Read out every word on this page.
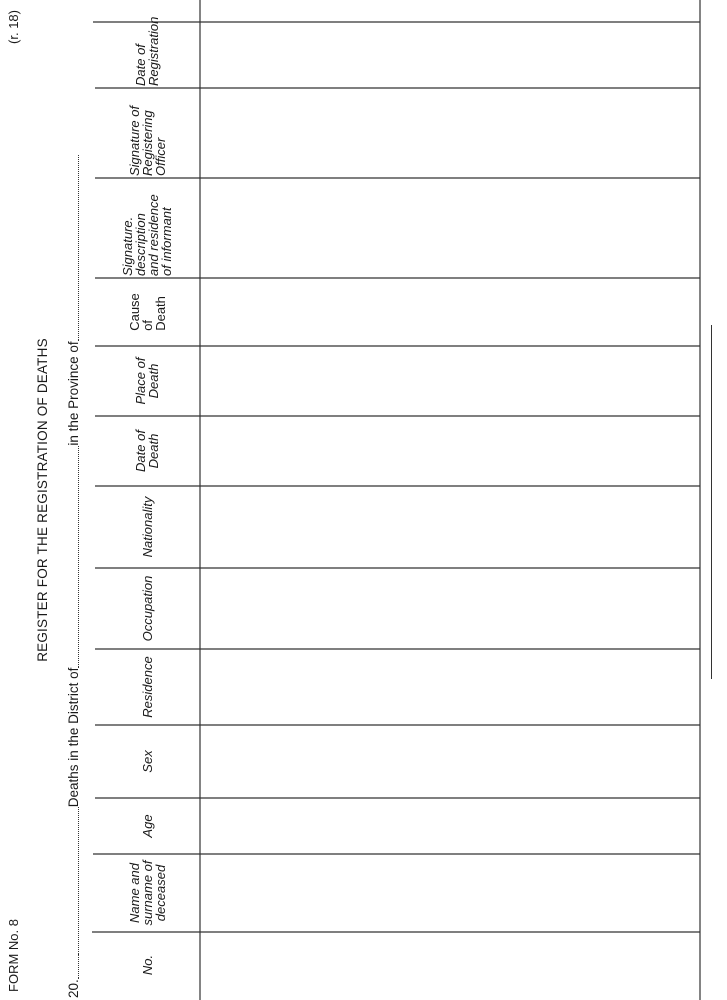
FORM No. 8
(r. 18)
REGISTER FOR THE REGISTRATION OF DEATHS
20.Deaths in the District ofin the Province of
No.
Name and
surname of
deceased
Age
Sex
Residence
Occupation
Nationality
Date of
Death
Place of
Death
Cause
of
Death
Signature.
description
and residence
of informant
Signature of
Registering
Officer
Date of
Registration
